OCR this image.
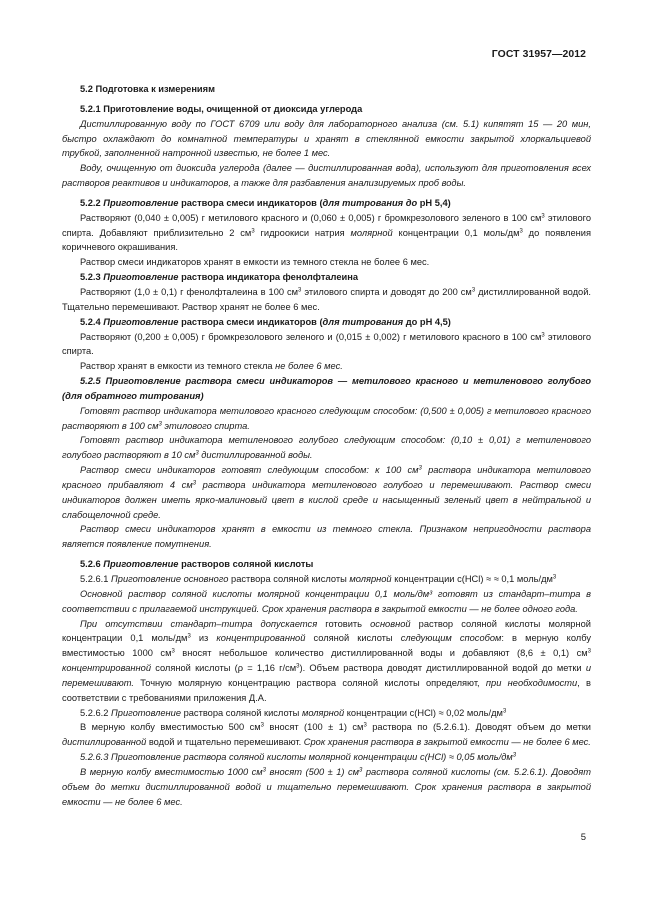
ГОСТ 31957—2012

5.2 Подготовка к измерениям

5.2.1 Приготовление воды, очищенной от диоксида углерода

Дистиллированную воду по ГОСТ 6709 или воду для лабораторного анализа (см. 5.1) кипятят 15 — 20 мин, быстро охлаждают до комнатной температуры и хранят в стеклянной емкости закрытой хлоркальциевой трубкой, заполненной натронной известью, не более 1 мес.

Воду, очищенную от диоксида углерода (далее — дистиллированная вода), используют для приготовления всех растворов реактивов и индикаторов, а также для разбавления анализируемых проб воды.

5.2.2 Приготовление раствора смеси индикаторов (для титрования до pH 5,4)

Растворяют (0,040 ± 0,005) г метилового красного и (0,060 ± 0,005) г бромкрезолового зеленого в 100 $см^3$ этилового спирта. Добавляют приблизительно 2 $см^3$ гидроокиси натрия молярной концентрации 0,1 моль/$дм^3$ до появления коричневого окрашивания.

Раствор смеси индикаторов хранят в емкости из темного стекла не более 6 мес.

5.2.3 Приготовление раствора индикатора фенолфталеина

Растворяют (1,0 ± 0,1) г фенолфталеина в 100 $см^3$ этилового спирта и доводят до 200 $см^3$ дистиллированной водой. Тщательно перемешивают. Раствор хранят не более 6 мес.

5.2.4 Приготовление раствора смеси индикаторов (для титрования до pH 4,5)

Растворяют (0,200 ± 0,005) г бромкрезолового зеленого и (0,015 ± 0,002) г метилового красного в 100 $см^3$ этилового спирта.

Раствор хранят в емкости из темного стекла не более 6 мес.

5.2.5 Приготовление раствора смеси индикаторов — метилового красного и метиленового голубого (для обратного титрования)

Готовят раствор индикатора метилового красного следующим способом: (0,500 ± 0,005) г метилового красного растворяют в 100 $см^3$ этилового спирта.

Готовят раствор индикатора метиленового голубого следующим способом: (0,10 ± 0,01) г метиленового голубого растворяют в 10 $см^3$ дистиллированной воды.

Раствор смеси индикаторов готовят следующим способом: к 100 $см^3$ раствора индикатора метилового красного прибавляют 4 $см^3$ раствора индикатора метиленового голубого и перемешивают. Раствор смеси индикаторов должен иметь ярко-малиновый цвет в кислой среде и насыщенный зеленый цвет в нейтральной и слабощелочной среде.

Раствор смеси индикаторов хранят в емкости из темного стекла. Признаком непригодности раствора является появление помутнения.

5.2.6 Приготовление растворов соляной кислоты

5.2.6.1 Приготовление основного раствора соляной кислоты молярной концентрации c(HCl) ≈ ≈ 0,1 моль/$дм^3$

Основной раствор соляной кислоты молярной концентрации 0,1 моль/дм³ готовят из стандарт–титра в соответствии с прилагаемой инструкцией. Срок хранения раствора в закрытой емкости — не более одного года.

При отсутствии стандарт–титра допускается готовить основной раствор соляной кислоты молярной концентрации 0,1 моль/$дм^3$ из концентрированной соляной кислоты следующим способом: в мерную колбу вместимостью 1000 $см^3$ вносят небольшое количество дистиллированной воды и добавляют (8,6 ± 0,1) $см^3$ концентрированной соляной кислоты (ρ = 1,16 $г/см^3$). Объем раствора доводят дистиллированной водой до метки и перемешивают. Точную молярную концентрацию раствора соляной кислоты определяют, при необходимости, в соответствии с требованиями приложения Д.А.

5.2.6.2 Приготовление раствора соляной кислоты молярной концентрации c(HCl) ≈ 0,02 моль/$дм^3$

В мерную колбу вместимостью 500 $см^3$ вносят (100 ± 1) $см^3$ раствора по (5.2.6.1). Доводят объем до метки дистиллированной водой и тщательно перемешивают. Срок хранения раствора в закрытой емкости — не более 6 мес.

5.2.6.3 Приготовление раствора соляной кислоты молярной концентрации c(HCl) ≈ 0,05 моль/$дм^3$

В мерную колбу вместимостью 1000 $см^3$ вносят (500 ± 1) $см^3$ раствора соляной кислоты (см. 5.2.6.1). Доводят объем до метки дистиллированной водой и тщательно перемешивают. Срок хранения раствора в закрытой емкости — не более 6 мес.

5
